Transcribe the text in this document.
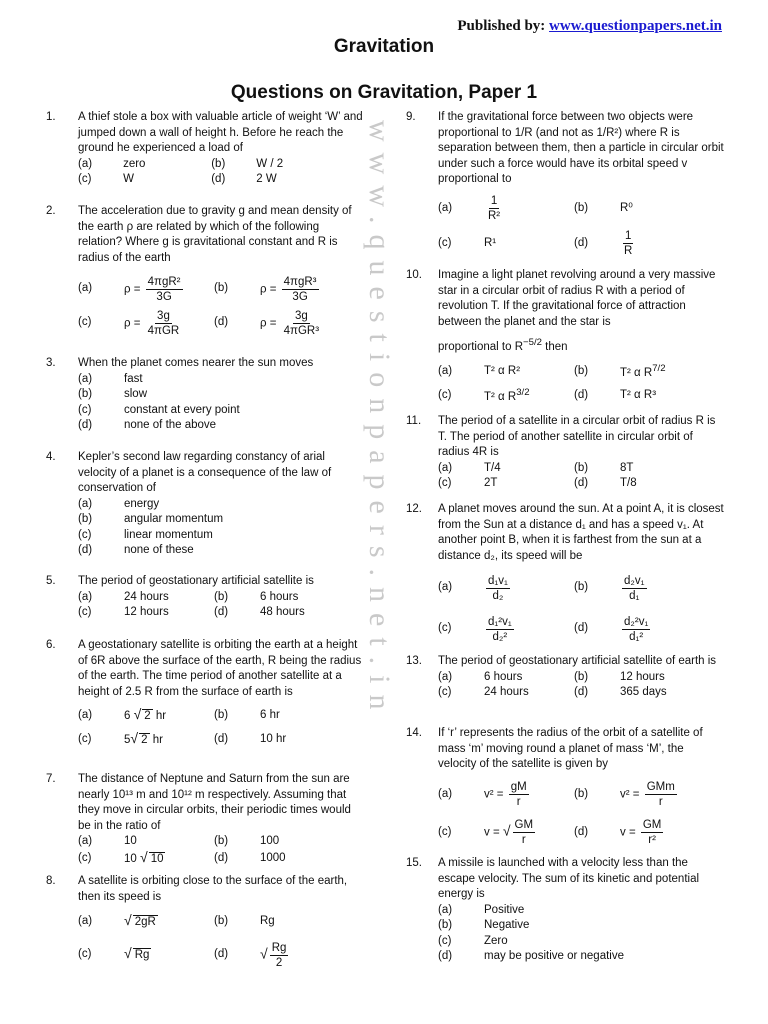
Published by: www.questionpapers.net.in
Gravitation
Questions on Gravitation, Paper 1
www.questionpapers.net.in
1. A thief stole a box with valuable article of weight ‘W’ and jumped down a wall of height h. Before he reach the ground he experienced a load of
(a)	zero	(b)	W / 2
(c)	W	(d)	2 W
2. The acceleration due to gravity g and mean density of the earth ρ are related by which of the following relation? Where g is gravitational constant and R is radius of the earth
(a)	$\rho = \frac{\text{4πgR²}}{3G}$	(b)	$\rho = \frac{\text{4πgR³}}{3G}$
(c)	$\rho = \frac{3g}{\text{4πGR}}$	(d)	$\rho = \frac{3g}{\text{4πGR³}}$
3. When the planet comes nearer the sun moves
(a)	fast
(b)	slow
(c)	constant at every point
(d)	none of the above
4. Kepler’s second law regarding constancy of arial velocity of a planet is a consequence of the law of conservation of
(a)	energy
(b)	angular momentum
(c)	linear momentum
(d)	none of these
5. The period of geostationary artificial satellite is
(a)	24 hours	(b)	6 hours
(c)	12 hours	(d)	48 hours
6. A geostationary satellite is orbiting the earth at a height of 6R above the surface of the earth, R being the radius of the earth. The time period of another satellite at a height of 2.5 R from the surface of earth is
(a)	6 √ 2 hr	(b)	6 hr
(c)	5√ 2 hr	(d)	10 hr
7. The distance of Neptune and Saturn from the sun are nearly 10¹³ m and 10¹² m respectively. Assuming that they move in circular orbits, their periodic times would be in the ratio of
(a)	10	(b)	100
(c)	10 √ 10	(d)	1000
8. A satellite is orbiting close to the surface of the earth, then its speed is
(a)	√ 2gR	(b)	Rg
(c)	√ Rg	(d)	√ $\frac{Rg}{2}$
9. If the gravitational force between two objects were proportional to 1/R (and not as 1/R²) where R is separation between them, then a particle in circular orbit under such a force would have its orbital speed v proportional to
(a)	$\frac{1}{\text{R²}}$	(b)	R⁰
(c)	R¹	(d)	$\frac{1}{R}$
10. Imagine a light planet revolving around a very massive star in a circular orbit of radius R with a period of revolution T. If the gravitational force of attraction between the planet and the star is
proportional to $R^{-5/2}$ then
(a)	T² α R²	(b)	T² α $R^{7/2}$
(c)	T² α $R^{3/2}$	(d)	T² α R³
11. The period of a satellite in a circular orbit of radius R is T. The period of another satellite in circular orbit of radius 4R is
(a)	T/4	(b)	8T
(c)	2T	(d)	T/8
12. A planet moves around the sun. At a point A, it is closest from the Sun at a distance d₁ and has a speed v₁. At another point B, when it is farthest from the sun at a distance d₂, its speed will be
(a)	$\frac{\text{d₁v₁}}{\text{d₂}}$	(b)	$\frac{\text{d₂v₁}}{\text{d₁}}$
(c)	$\frac{\text{d₁²v₁}}{\text{d₂²}}$	(d)	$\frac{\text{d₂²v₁}}{\text{d₁²}}$
13. The period of geostationary artificial satellite of earth is
(a)	6 hours	(b)	12 hours
(c)	24 hours	(d)	365 days
14. If ‘r’ represents the radius of the orbit of a satellite of mass ‘m’ moving round a planet of mass ‘M’, the velocity of the satellite is given by
(a)	$v^2 = \frac{gM}{r}$	(b)	$v^2 = \frac{\text{GMm}}{r}$
(c)	v = √ $\frac{GM}{r}$	(d)	$v = \frac{GM}{\text{r²}}$
15. A missile is launched with a velocity less than the escape velocity. The sum of its kinetic and potential energy is
(a)	Positive
(b)	Negative
(c)	Zero
(d)	may be positive or negative
